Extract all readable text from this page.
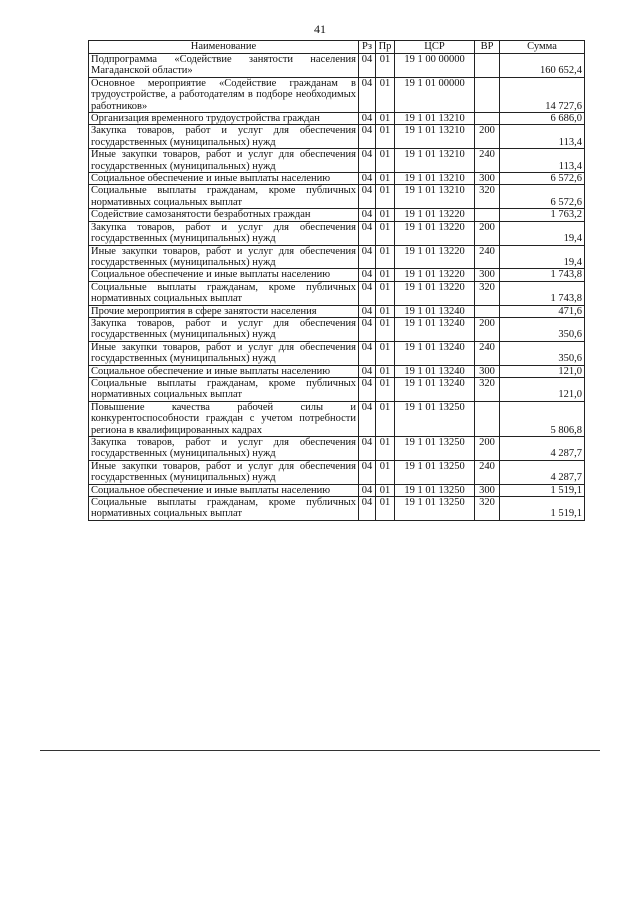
41
Наименование	Рз	Пр	ЦСР	ВР	Сумма
Подпрограмма «Содействие занятости населения Магаданской области»	04	01	19 1 00 00000		160 652,4
Основное мероприятие «Содействие гражданам в трудоустройстве, а работодателям в подборе необходимых работников»	04	01	19 1 01 00000		14 727,6
Организация временного трудоустройства граждан	04	01	19 1 01 13210		6 686,0
Закупка товаров, работ и услуг для обеспечения государственных (муниципальных) нужд	04	01	19 1 01 13210	200	113,4
Иные закупки товаров, работ и услуг для обеспечения государственных (муниципальных) нужд	04	01	19 1 01 13210	240	113,4
Социальное обеспечение и иные выплаты населению	04	01	19 1 01 13210	300	6 572,6
Социальные выплаты гражданам, кроме публичных нормативных социальных выплат	04	01	19 1 01 13210	320	6 572,6
Содействие самозанятости безработных граждан	04	01	19 1 01 13220		1 763,2
Закупка товаров, работ и услуг для обеспечения государственных (муниципальных) нужд	04	01	19 1 01 13220	200	19,4
Иные закупки товаров, работ и услуг для обеспечения государственных (муниципальных) нужд	04	01	19 1 01 13220	240	19,4
Социальное обеспечение и иные выплаты населению	04	01	19 1 01 13220	300	1 743,8
Социальные выплаты гражданам, кроме публичных нормативных социальных выплат	04	01	19 1 01 13220	320	1 743,8
Прочие мероприятия в сфере занятости населения	04	01	19 1 01 13240		471,6
Закупка товаров, работ и услуг для обеспечения государственных (муниципальных) нужд	04	01	19 1 01 13240	200	350,6
Иные закупки товаров, работ и услуг для обеспечения государственных (муниципальных) нужд	04	01	19 1 01 13240	240	350,6
Социальное обеспечение и иные выплаты населению	04	01	19 1 01 13240	300	121,0
Социальные выплаты гражданам, кроме публичных нормативных социальных выплат	04	01	19 1 01 13240	320	121,0
Повышение качества рабочей силы и конкурентоспособности граждан с учетом потребности региона в квалифицированных кадрах	04	01	19 1 01 13250		5 806,8
Закупка товаров, работ и услуг для обеспечения государственных (муниципальных) нужд	04	01	19 1 01 13250	200	4 287,7
Иные закупки товаров, работ и услуг для обеспечения государственных (муниципальных) нужд	04	01	19 1 01 13250	240	4 287,7
Социальное обеспечение и иные выплаты населению	04	01	19 1 01 13250	300	1 519,1
Социальные выплаты гражданам, кроме публичных нормативных социальных выплат	04	01	19 1 01 13250	320	1 519,1
